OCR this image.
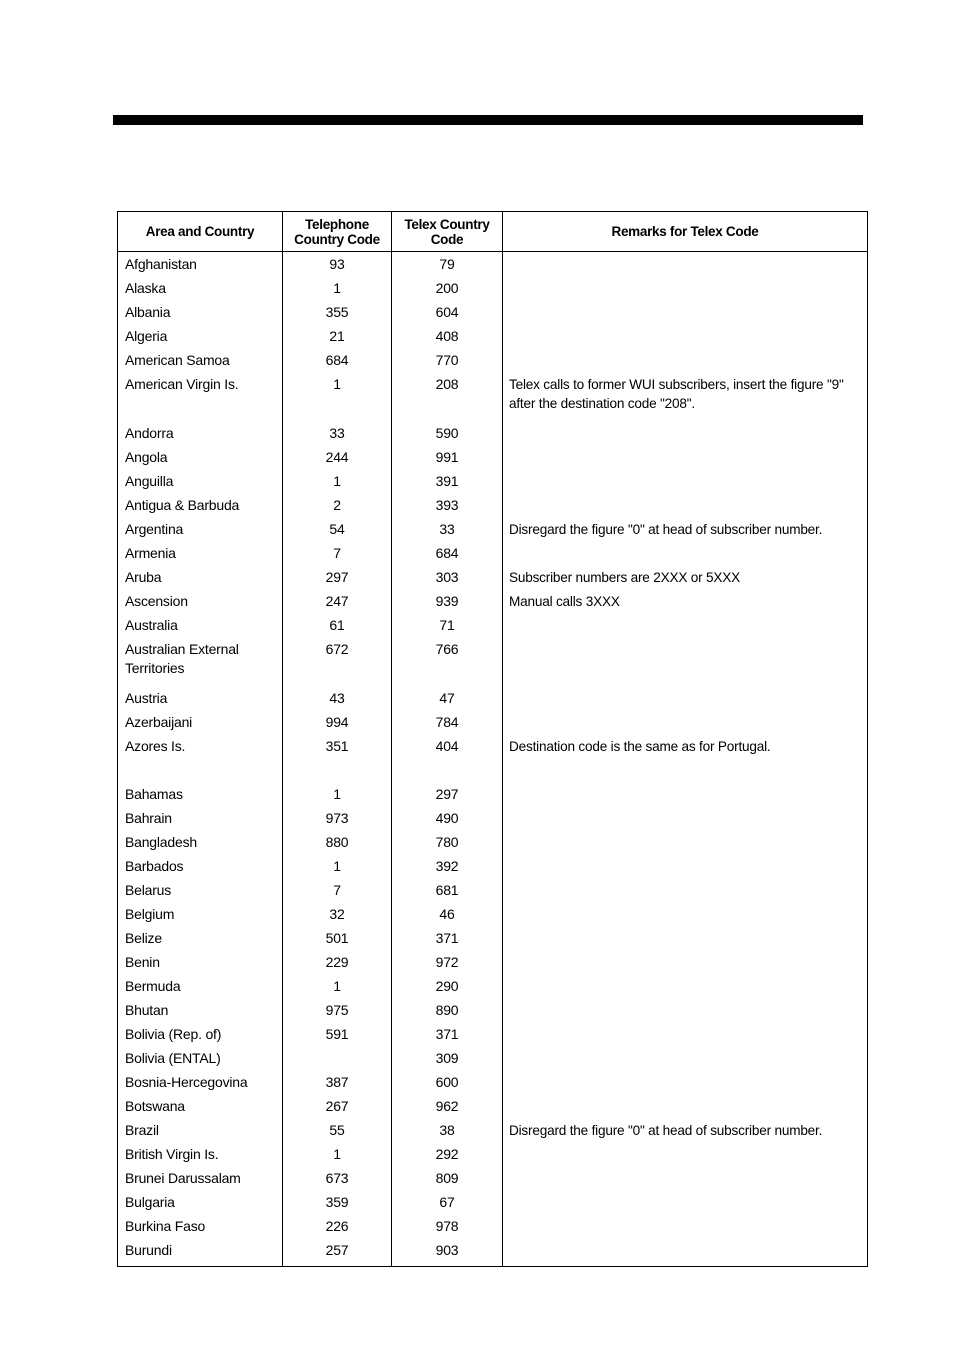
Area and Country	Telephone Country Code	Telex Country Code	Remarks for Telex Code
Afghanistan	93	79	
Alaska	1	200	
Albania	355	604	
Algeria	21	408	
American Samoa	684	770	
American Virgin Is.	1	208	Telex calls to former WUI subscribers, insert the figure "9" after the destination code "208".
Andorra	33	590	
Angola	244	991	
Anguilla	1	391	
Antigua & Barbuda	2	393	
Argentina	54	33	Disregard the figure "0" at head of subscriber number.
Armenia	7	684	
Aruba	297	303	Subscriber numbers are 2XXX or 5XXX
Ascension	247	939	Manual calls 3XXX
Australia	61	71	
Australian External Territories	672	766	
Austria	43	47	
Azerbaijani	994	784	
Azores Is.	351	404	Destination code is the same as for Portugal.
Bahamas	1	297	
Bahrain	973	490	
Bangladesh	880	780	
Barbados	1	392	
Belarus	7	681	
Belgium	32	46	
Belize	501	371	
Benin	229	972	
Bermuda	1	290	
Bhutan	975	890	
Bolivia (Rep. of)	591	371	
Bolivia (ENTAL)		309	
Bosnia-Hercegovina	387	600	
Botswana	267	962	
Brazil	55	38	Disregard the figure "0" at head of subscriber number.
British Virgin Is.	1	292	
Brunei Darussalam	673	809	
Bulgaria	359	67	
Burkina Faso	226	978	
Burundi	257	903	
